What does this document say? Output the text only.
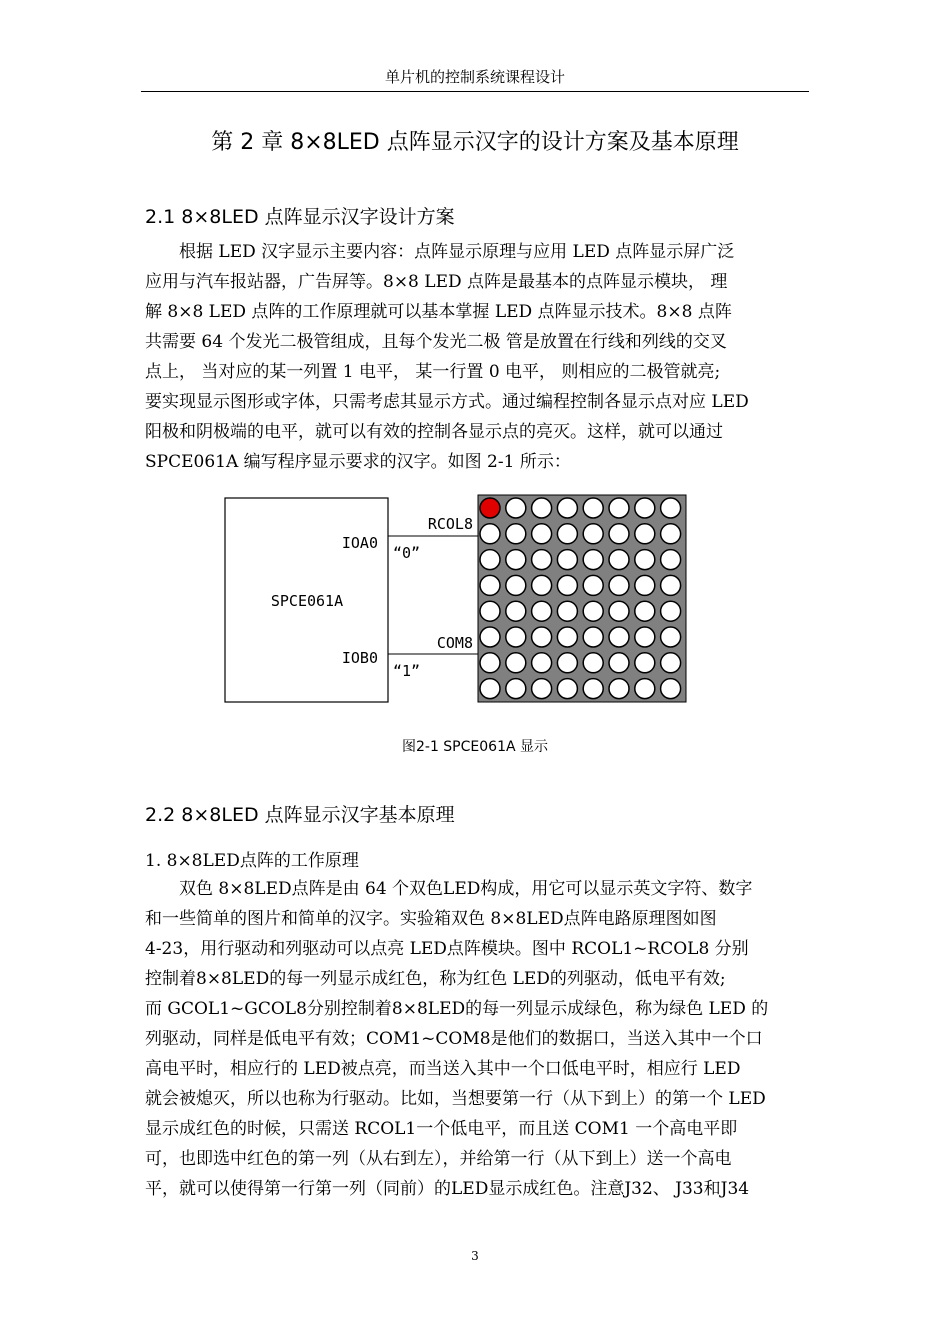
单片机的控制系统课程设计
第 2 章 8×8LED 点阵显示汉字的设计方案及基本原理
2.1 8×8LED 点阵显示汉字设计方案
根据 LED 汉字显示主要内容：点阵显示原理与应用 LED 点阵显示屏广泛
应用与汽车报站器，广告屏等。8×8 LED 点阵是最基本的点阵显示模块， 理
解 8×8 LED 点阵的工作原理就可以基本掌握 LED 点阵显示技术。8×8 点阵
共需要 64 个发光二极管组成，且每个发光二极 管是放置在行线和列线的交叉
点上， 当对应的某一列置 1 电平， 某一行置 0 电平， 则相应的二极管就亮;
要实现显示图形或字体，只需考虑其显示方式。通过编程控制各显示点对应 LED
阳极和阴极端的电平，就可以有效的控制各显示点的亮灭。这样，就可以通过
SPCE061A 编写程序显示要求的汉字。如图 2-1 所示：
SPCE061A
IOA0
IOB0
RCOL8
COM8
“0”
“1”
图2-1 SPCE061A 显示
2.2 8×8LED 点阵显示汉字基本原理
1. 8×8LED点阵的工作原理
双色 8×8LED点阵是由 64 个双色LED构成，用它可以显示英文字符、数字
和一些简单的图片和简单的汉字。实验箱双色 8×8LED点阵电路原理图如图
4-23，用行驱动和列驱动可以点亮 LED点阵模块。图中 RCOL1~RCOL8 分别
控制着8×8LED的每一列显示成红色，称为红色 LED的列驱动，低电平有效;
而 GCOL1~GCOL8分别控制着8×8LED的每一列显示成绿色，称为绿色 LED 的
列驱动，同样是低电平有效；COM1~COM8是他们的数据口，当送入其中一个口
高电平时，相应行的 LED被点亮，而当送入其中一个口低电平时，相应行 LED
就会被熄灭，所以也称为行驱动。比如，当想要第一行（从下到上）的第一个 LED
显示成红色的时候，只需送 RCOL1一个低电平，而且送 COM1 一个高电平即
可，也即选中红色的第一列（从右到左），并给第一行（从下到上）送一个高电
平，就可以使得第一行第一列（同前）的LED显示成红色。注意J32、 J33和J34
3
